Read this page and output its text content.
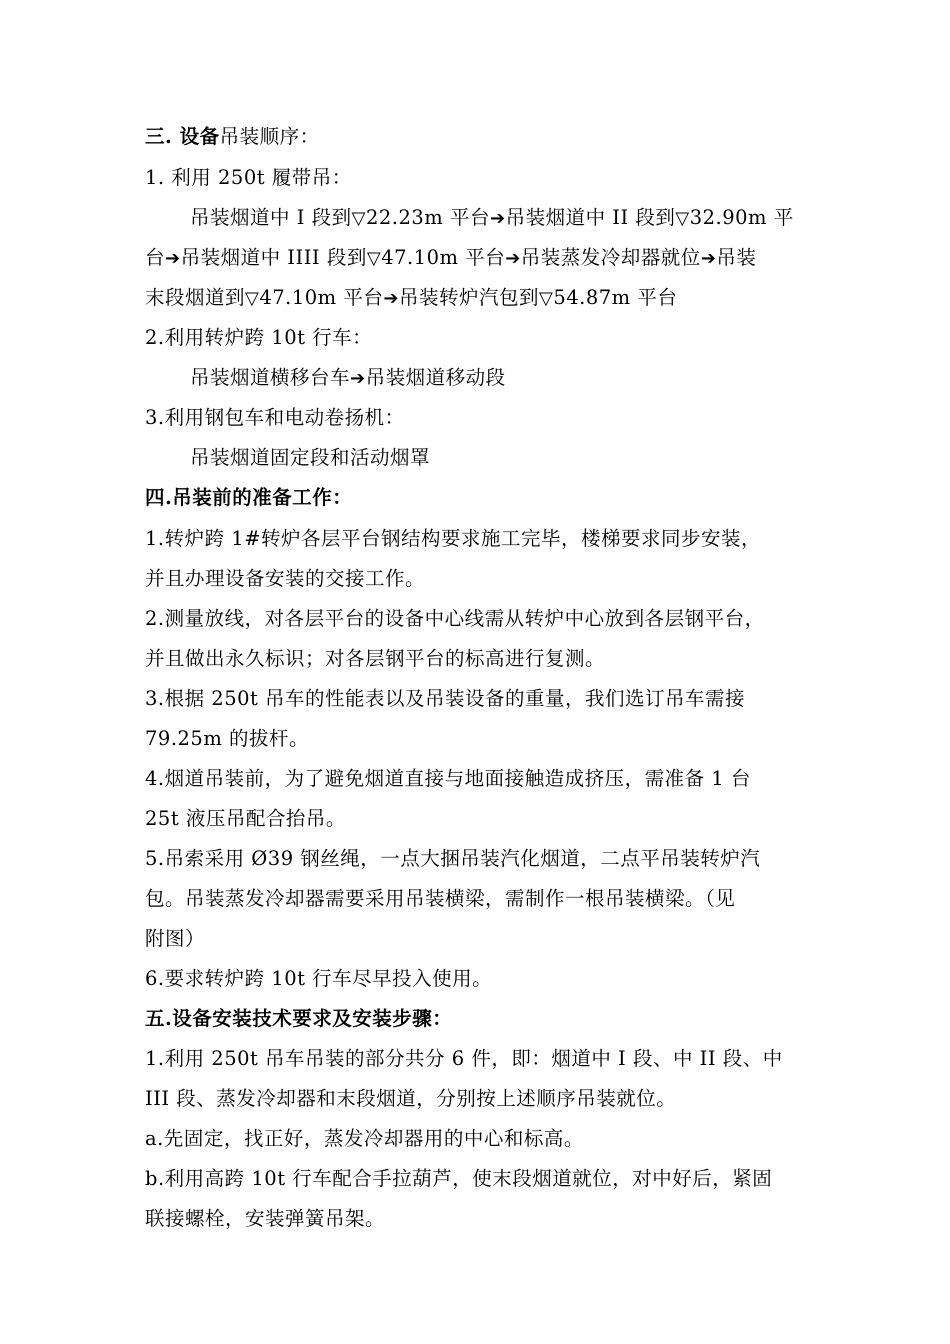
三. 设备吊装顺序：
1. 利用 250t 履带吊：
吊装烟道中 I 段到▽22.23m 平台➔吊装烟道中 II 段到▽32.90m 平
台➔吊装烟道中 IIII 段到▽47.10m 平台➔吊装蒸发冷却器就位➔吊装
末段烟道到▽47.10m 平台➔吊装转炉汽包到▽54.87m 平台
2.利用转炉跨 10t 行车：
吊装烟道横移台车➔吊装烟道移动段
3.利用钢包车和电动卷扬机：
吊装烟道固定段和活动烟罩
四.吊装前的准备工作：
1.转炉跨 1#转炉各层平台钢结构要求施工完毕，楼梯要求同步安装，
并且办理设备安装的交接工作。
2.测量放线，对各层平台的设备中心线需从转炉中心放到各层钢平台，
并且做出永久标识；对各层钢平台的标高进行复测。
3.根据 250t 吊车的性能表以及吊装设备的重量，我们选订吊车需接
79.25m 的拔杆。
4.烟道吊装前，为了避免烟道直接与地面接触造成挤压，需准备 1 台
25t 液压吊配合抬吊。
5.吊索采用 Ø39 钢丝绳，一点大捆吊装汽化烟道，二点平吊装转炉汽
包。吊装蒸发冷却器需要采用吊装横梁，需制作一根吊装横梁。（见
附图）
6.要求转炉跨 10t 行车尽早投入使用。
五.设备安装技术要求及安装步骤：
1.利用 250t 吊车吊装的部分共分 6 件，即：烟道中 I 段、中 II 段、中
III 段、蒸发冷却器和末段烟道，分别按上述顺序吊装就位。
a.先固定，找正好，蒸发冷却器用的中心和标高。
b.利用高跨 10t 行车配合手拉葫芦，使末段烟道就位，对中好后，紧固
联接螺栓，安装弹簧吊架。
